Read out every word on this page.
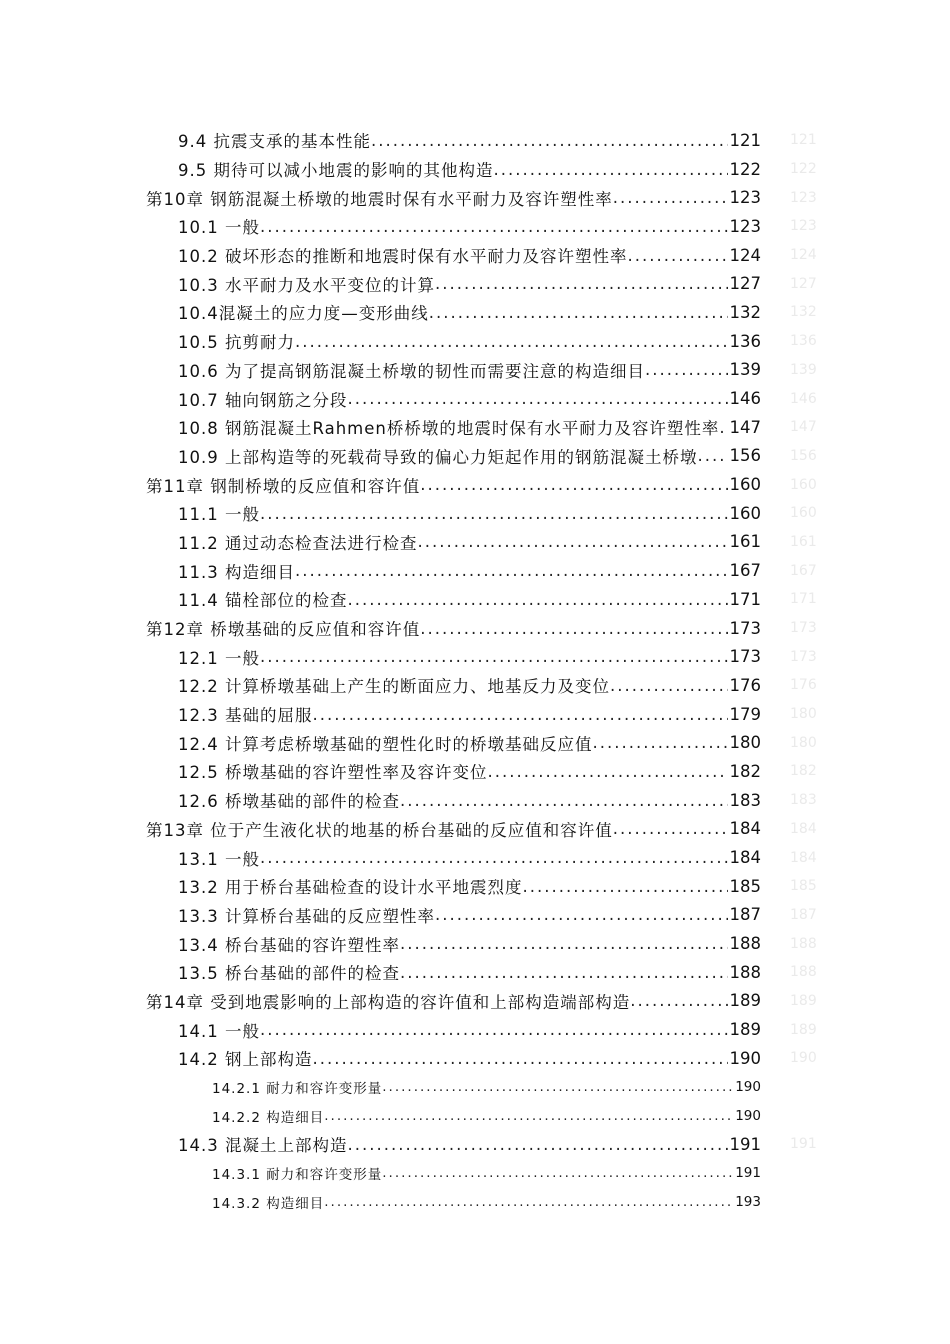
9.4 抗震支承的基本性能 .....	121 121
9.5 期待可以减小地震的影响的其他构造 .....	122 122
第10章 钢筋混凝土桥墩的地震时保有水平耐力及容许塑性率 .....	123 123
10.1 一般 .....	123 123
10.2 破坏形态的推断和地震时保有水平耐力及容许塑性率 .....	124 124
10.3 水平耐力及水平变位的计算 .....	127 127
10.4混凝土的应力度—变形曲线 .....	132 132
10.5 抗剪耐力 .....	136 136
10.6 为了提高钢筋混凝土桥墩的韧性而需要注意的构造细目 .....	139 139
10.7 轴向钢筋之分段 .....	146 146
10.8 钢筋混凝土Rahmen桥桥墩的地震时保有水平耐力及容许塑性率 ..... 147 147
10.9 上部构造等的死载荷导致的偏心力矩起作用的钢筋混凝土桥墩 ..... 156 156
第11章 钢制桥墩的反应值和容许值 .....	160 160
11.1 一般 .....	160 160
11.2 通过动态检查法进行检查 .....	161 161
11.3 构造细目 .....	167 167
11.4 锚栓部位的检查 .....	171 171
第12章 桥墩基础的反应值和容许值 .....	173 173
12.1 一般 .....	173 173
12.2 计算桥墩基础上产生的断面应力、地基反力及变位 .....	176 176
12.3 基础的屈服 .....	179 180
12.4 计算考虑桥墩基础的塑性化时的桥墩基础反应值 .....	180 180
12.5 桥墩基础的容许塑性率及容许变位 .....	182 182
12.6 桥墩基础的部件的检查 .....	183 183
第13章 位于产生液化状的地基的桥台基础的反应值和容许值 .....	184 184
13.1 一般 .....	184 184
13.2 用于桥台基础检查的设计水平地震烈度 .....	185 185
13.3 计算桥台基础的反应塑性率 .....	187 187
13.4 桥台基础的容许塑性率 .....	188 188
13.5 桥台基础的部件的检查 .....	188 188
第14章 受到地震影响的上部构造的容许值和上部构造端部构造 .....	189 189
14.1 一般 .....	189 189
14.2 钢上部构造 .....	190 190
14.2.1 耐力和容许变形量 .....	190
14.2.2 构造细目 .....	190
14.3 混凝土上部构造 .....	191 191
14.3.1 耐力和容许变形量 .....	191
14.3.2 构造细目 .....	193
